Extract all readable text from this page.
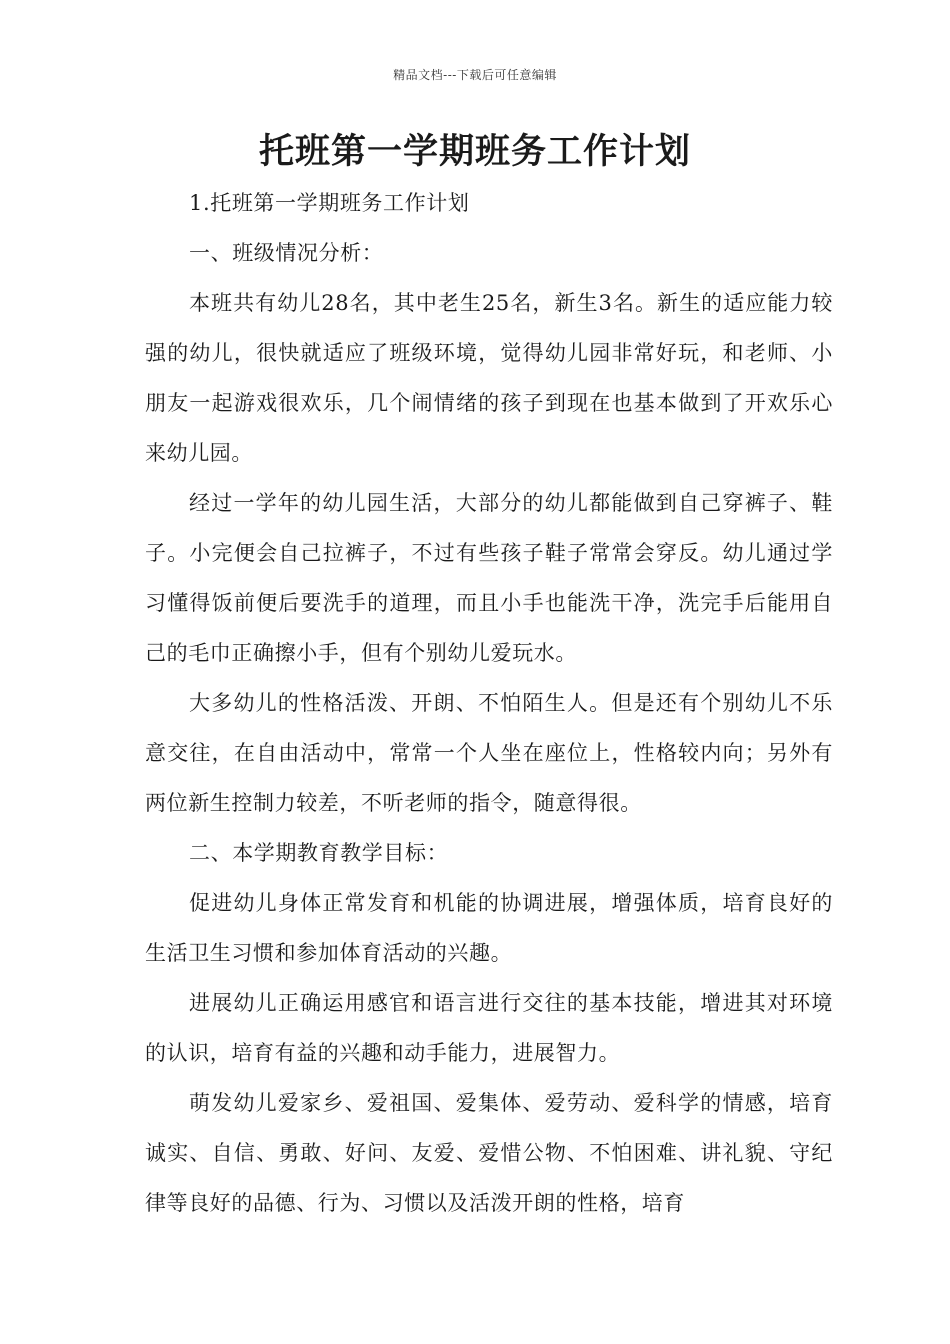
精品文档---下载后可任意编辑
托班第一学期班务工作计划

1.托班第一学期班务工作计划

一、班级情况分析：

本班共有幼儿28名，其中老生25名，新生3名。新生的适应能力较强的幼儿，很快就适应了班级环境，觉得幼儿园非常好玩，和老师、小朋友一起游戏很欢乐，几个闹情绪的孩子到现在也基本做到了开欢乐心来幼儿园。

经过一学年的幼儿园生活，大部分的幼儿都能做到自己穿裤子、鞋子。小完便会自己拉裤子，不过有些孩子鞋子常常会穿反。幼儿通过学习懂得饭前便后要洗手的道理，而且小手也能洗干净，洗完手后能用自己的毛巾正确擦小手，但有个别幼儿爱玩水。

大多幼儿的性格活泼、开朗、不怕陌生人。但是还有个别幼儿不乐意交往，在自由活动中，常常一个人坐在座位上，性格较内向；另外有两位新生控制力较差，不听老师的指令，随意得很。

二、本学期教育教学目标：

促进幼儿身体正常发育和机能的协调进展，增强体质，培育良好的生活卫生习惯和参加体育活动的兴趣。

进展幼儿正确运用感官和语言进行交往的基本技能，增进其对环境的认识，培育有益的兴趣和动手能力，进展智力。

萌发幼儿爱家乡、爱祖国、爱集体、爱劳动、爱科学的情感，培育诚实、自信、勇敢、好问、友爱、爱惜公物、不怕困难、讲礼貌、守纪律等良好的品德、行为、习惯以及活泼开朗的性格，培育
